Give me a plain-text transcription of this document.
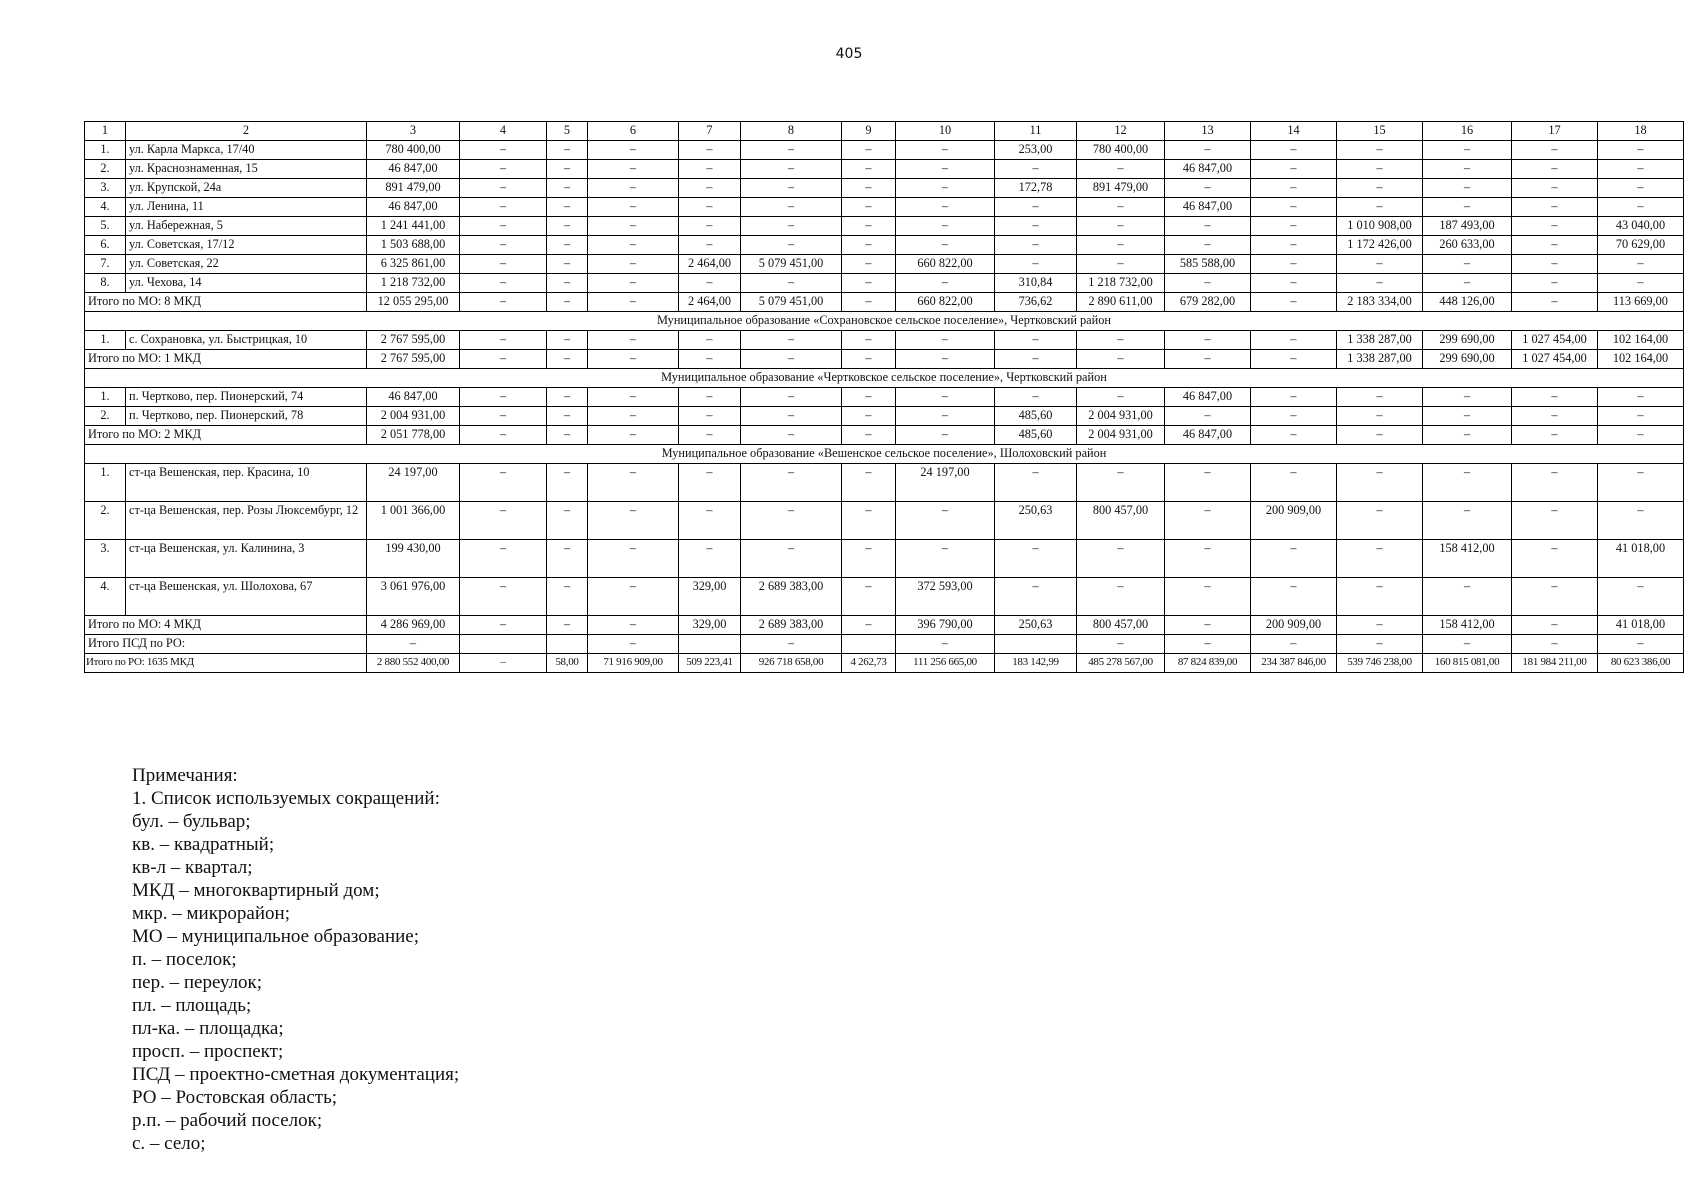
405
1	2	3	4	5	6	7	8	9	10	11	12	13	14	15	16	17	18
1.	ул. Карла Маркса, 17/40	780 400,00	–	–	–	–	–	–	–	253,00	780 400,00	–	–	–	–	–	–
2.	ул. Краснознаменная, 15	46 847,00	–	–	–	–	–	–	–	–	–	46 847,00	–	–	–	–	–
3.	ул. Крупской, 24а	891 479,00	–	–	–	–	–	–	–	172,78	891 479,00	–	–	–	–	–	–
4.	ул. Ленина, 11	46 847,00	–	–	–	–	–	–	–	–	–	46 847,00	–	–	–	–	–
5.	ул. Набережная, 5	1 241 441,00	–	–	–	–	–	–	–	–	–	–	–	1 010 908,00	187 493,00	–	43 040,00
6.	ул. Советская, 17/12	1 503 688,00	–	–	–	–	–	–	–	–	–	–	–	1 172 426,00	260 633,00	–	70 629,00
7.	ул. Советская, 22	6 325 861,00	–	–	–	2 464,00	5 079 451,00	–	660 822,00	–	–	585 588,00	–	–	–	–	–
8.	ул. Чехова, 14	1 218 732,00	–	–	–	–	–	–	–	310,84	1 218 732,00	–	–	–	–	–	–
Итого по МО: 8 МКД		12 055 295,00	–	–	–	2 464,00	5 079 451,00	–	660 822,00	736,62	2 890 611,00	679 282,00	–	2 183 334,00	448 126,00	–	113 669,00
Муниципальное образование «Сохрановское сельское поселение», Чертковский район																	
1.	с. Сохрановка, ул. Быстрицкая, 10	2 767 595,00	–	–	–	–	–	–	–	–	–	–	–	1 338 287,00	299 690,00	1 027 454,00	102 164,00
Итого по МО: 1 МКД		2 767 595,00	–	–	–	–	–	–	–	–	–	–	–	1 338 287,00	299 690,00	1 027 454,00	102 164,00
Муниципальное образование «Чертковское сельское поселение», Чертковский район																	
1.	п. Чертково, пер. Пионерский, 74	46 847,00	–	–	–	–	–	–	–	–	–	46 847,00	–	–	–	–	–
2.	п. Чертково, пер. Пионерский, 78	2 004 931,00	–	–	–	–	–	–	–	485,60	2 004 931,00	–	–	–	–	–	–
Итого по МО: 2 МКД		2 051 778,00	–	–	–	–	–	–	–	485,60	2 004 931,00	46 847,00	–	–	–	–	–
Муниципальное образование «Вешенское сельское поселение», Шолоховский район																	
1.	ст-ца Вешенская, пер. Красина, 10	24 197,00	–	–	–	–	–	–	24 197,00	–	–	–	–	–	–	–	–
2.	ст-ца Вешенская, пер. Розы Люксембург, 12	1 001 366,00	–	–	–	–	–	–	–	250,63	800 457,00	–	200 909,00	–	–	–	–
3.	ст-ца Вешенская, ул. Калинина, 3	199 430,00	–	–	–	–	–	–	–	–	–	–	–	–	158 412,00	–	41 018,00
4.	ст-ца Вешенская, ул. Шолохова, 67	3 061 976,00	–	–	–	329,00	2 689 383,00	–	372 593,00	–	–	–	–	–	–	–	–
Итого по МО: 4 МКД		4 286 969,00	–	–	–	329,00	2 689 383,00	–	396 790,00	250,63	800 457,00	–	200 909,00	–	158 412,00	–	41 018,00
Итого ПСД по РО:		–			–		–		–		–	–	–	–	–	–	–
Итого по РО: 1635 МКД		2 880 552 400,00	–	58,00	71 916 909,00	509 223,41	926 718 658,00	4 262,73	111 256 665,00	183 142,99	485 278 567,00	87 824 839,00	234 387 846,00	539 746 238,00	160 815 081,00	181 984 211,00	80 623 386,00
Примечания:
1. Список используемых сокращений:
бул. – бульвар;
кв. – квадратный;
кв-л – квартал;
МКД – многоквартирный дом;
мкр. – микрорайон;
МО – муниципальное образование;
п. – поселок;
пер. – переулок;
пл. – площадь;
пл-ка. – площадка;
просп. – проспект;
ПСД – проектно-сметная документация;
РО – Ростовская область;
р.п. – рабочий поселок;
с. – село;
